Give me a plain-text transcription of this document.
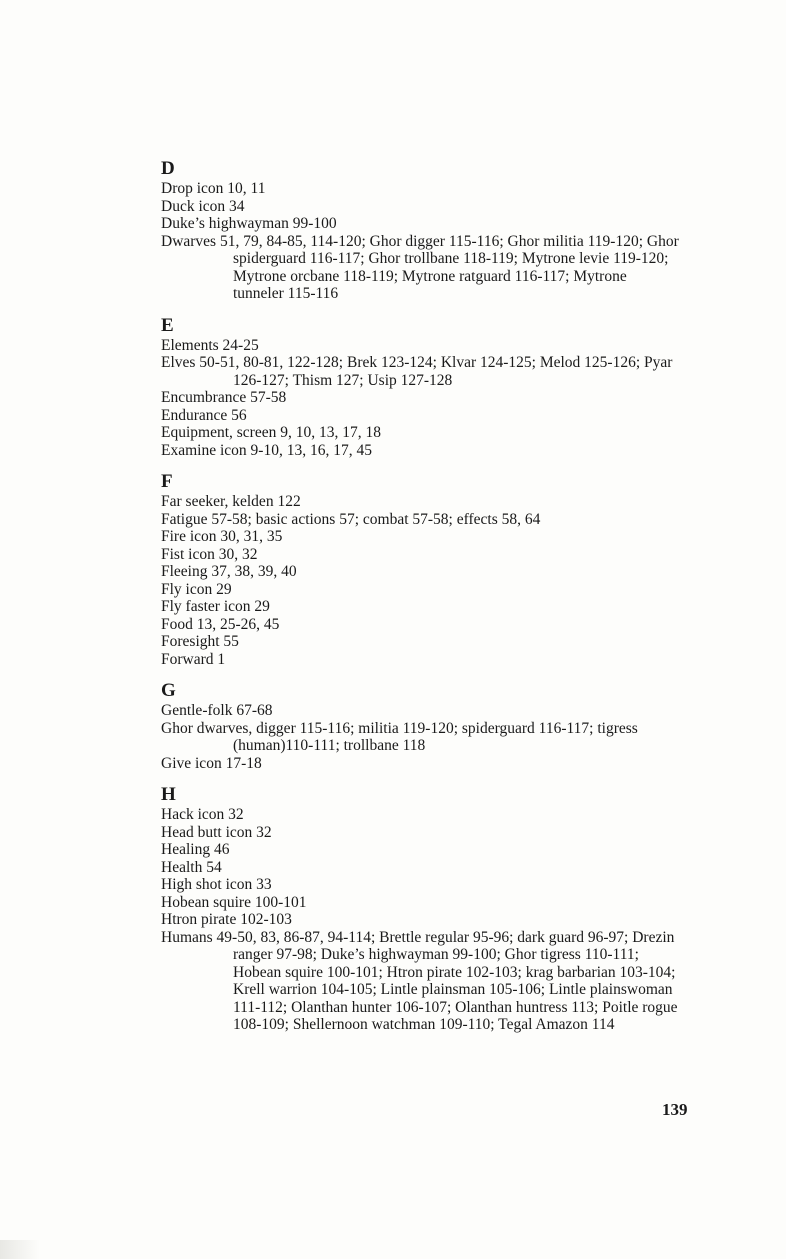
D
Drop icon 10, 11
Duck icon 34
Duke’s highwayman 99-100
Dwarves 51, 79, 84-85, 114-120; Ghor digger 115-116; Ghor militia 119-120; Ghor spiderguard 116-117; Ghor trollbane 118-119; Mytrone levie 119-120; Mytrone orcbane 118-119; Mytrone ratguard 116-117; Mytrone tunneler 115-116
E
Elements 24-25
Elves 50-51, 80-81, 122-128; Brek 123-124; Klvar 124-125; Melod 125-126; Pyar 126-127; Thism 127; Usip 127-128
Encumbrance 57-58
Endurance 56
Equipment, screen 9, 10, 13, 17, 18
Examine icon 9-10, 13, 16, 17, 45
F
Far seeker, kelden 122
Fatigue 57-58; basic actions 57; combat 57-58; effects 58, 64
Fire icon 30, 31, 35
Fist icon 30, 32
Fleeing 37, 38, 39, 40
Fly icon 29
Fly faster icon 29
Food 13, 25-26, 45
Foresight 55
Forward 1
G
Gentle-folk 67-68
Ghor dwarves, digger 115-116; militia 119-120; spiderguard 116-117; tigress (human)110-111; trollbane 118
Give icon 17-18
H
Hack icon 32
Head butt icon 32
Healing 46
Health 54
High shot icon 33
Hobean squire 100-101
Htron pirate 102-103
Humans 49-50, 83, 86-87, 94-114; Brettle regular 95-96; dark guard 96-97; Drezin ranger 97-98; Duke’s highwayman 99-100; Ghor tigress 110-111; Hobean squire 100-101; Htron pirate 102-103; krag barbarian 103-104; Krell warrion 104-105; Lintle plainsman 105-106; Lintle plainswoman 111-112; Olanthan hunter 106-107; Olanthan huntress 113; Poitle rogue 108-109; Shellernoon watchman 109-110; Tegal Amazon 114
139
